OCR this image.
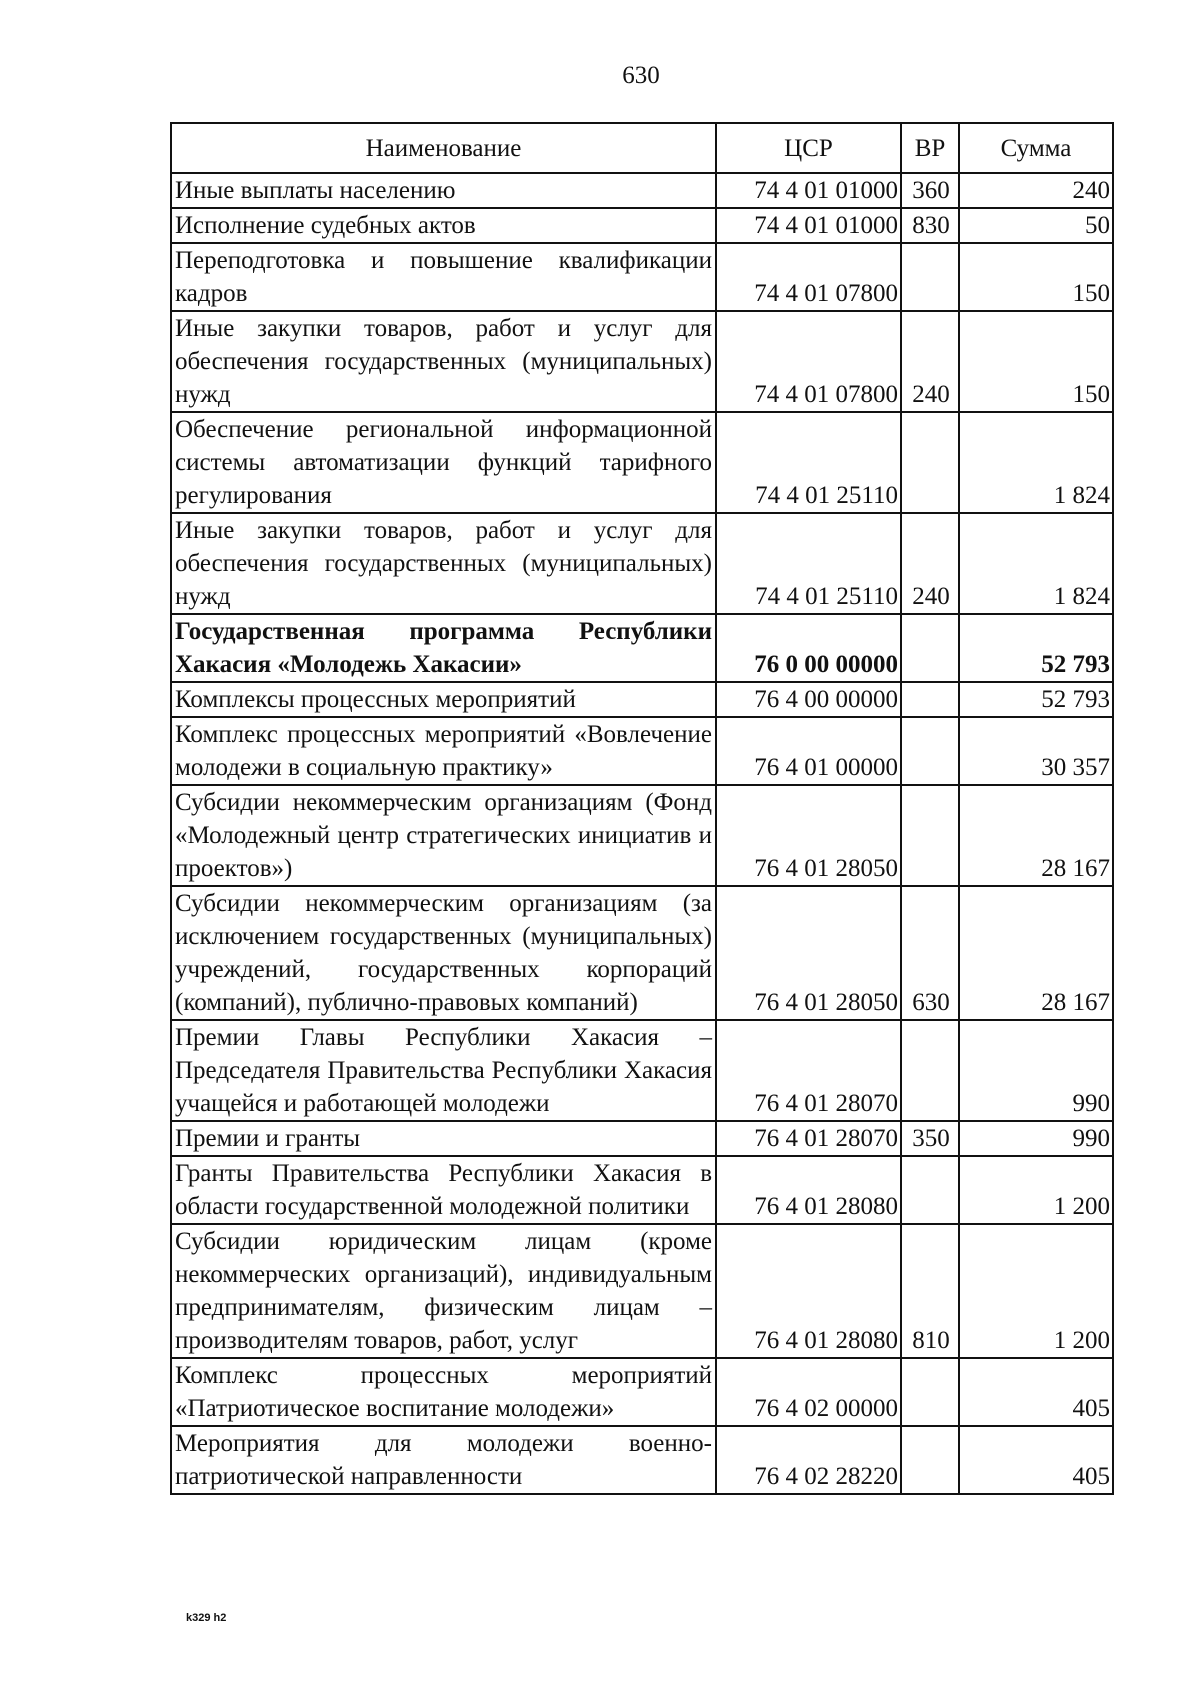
630
Наименование	ЦСР	ВР	Сумма
Иные выплаты населению	74 4 01 01000	360	240
Исполнение судебных актов	74 4 01 01000	830	50
Переподготовка и повышение квалификации кадров	74 4 01 07800		150
Иные закупки товаров, работ и услуг для обеспечения государственных (муниципальных) нужд	74 4 01 07800	240	150
Обеспечение региональной информационной системы автоматизации функций тарифного регулирования	74 4 01 25110		1 824
Иные закупки товаров, работ и услуг для обеспечения государственных (муниципальных) нужд	74 4 01 25110	240	1 824
Государственная программа Республики Хакасия «Молодежь Хакасии»	76 0 00 00000		52 793
Комплексы процессных мероприятий	76 4 00 00000		52 793
Комплекс процессных мероприятий «Вовлечение молодежи в социальную практику»	76 4 01 00000		30 357
Субсидии некоммерческим организациям (Фонд «Молодежный центр стратегических инициатив и проектов»)	76 4 01 28050		28 167
Субсидии некоммерческим организациям (за исключением государственных (муниципальных) учреждений, государственных корпораций (компаний), публично-правовых компаний)	76 4 01 28050	630	28 167
Премии Главы Республики Хакасия – Председателя Правительства Республики Хакасия учащейся и работающей молодежи	76 4 01 28070		990
Премии и гранты	76 4 01 28070	350	990
Гранты Правительства Республики Хакасия в области государственной молодежной политики	76 4 01 28080		1 200
Субсидии юридическим лицам (кроме некоммерческих организаций), индивидуальным предпринимателям, физическим лицам – производителям товаров, работ, услуг	76 4 01 28080	810	1 200
Комплекс процессных мероприятий «Патриотическое воспитание молодежи»	76 4 02 00000		405
Мероприятия для молодежи военно-патриотической направленности	76 4 02 28220		405
k329 h2
